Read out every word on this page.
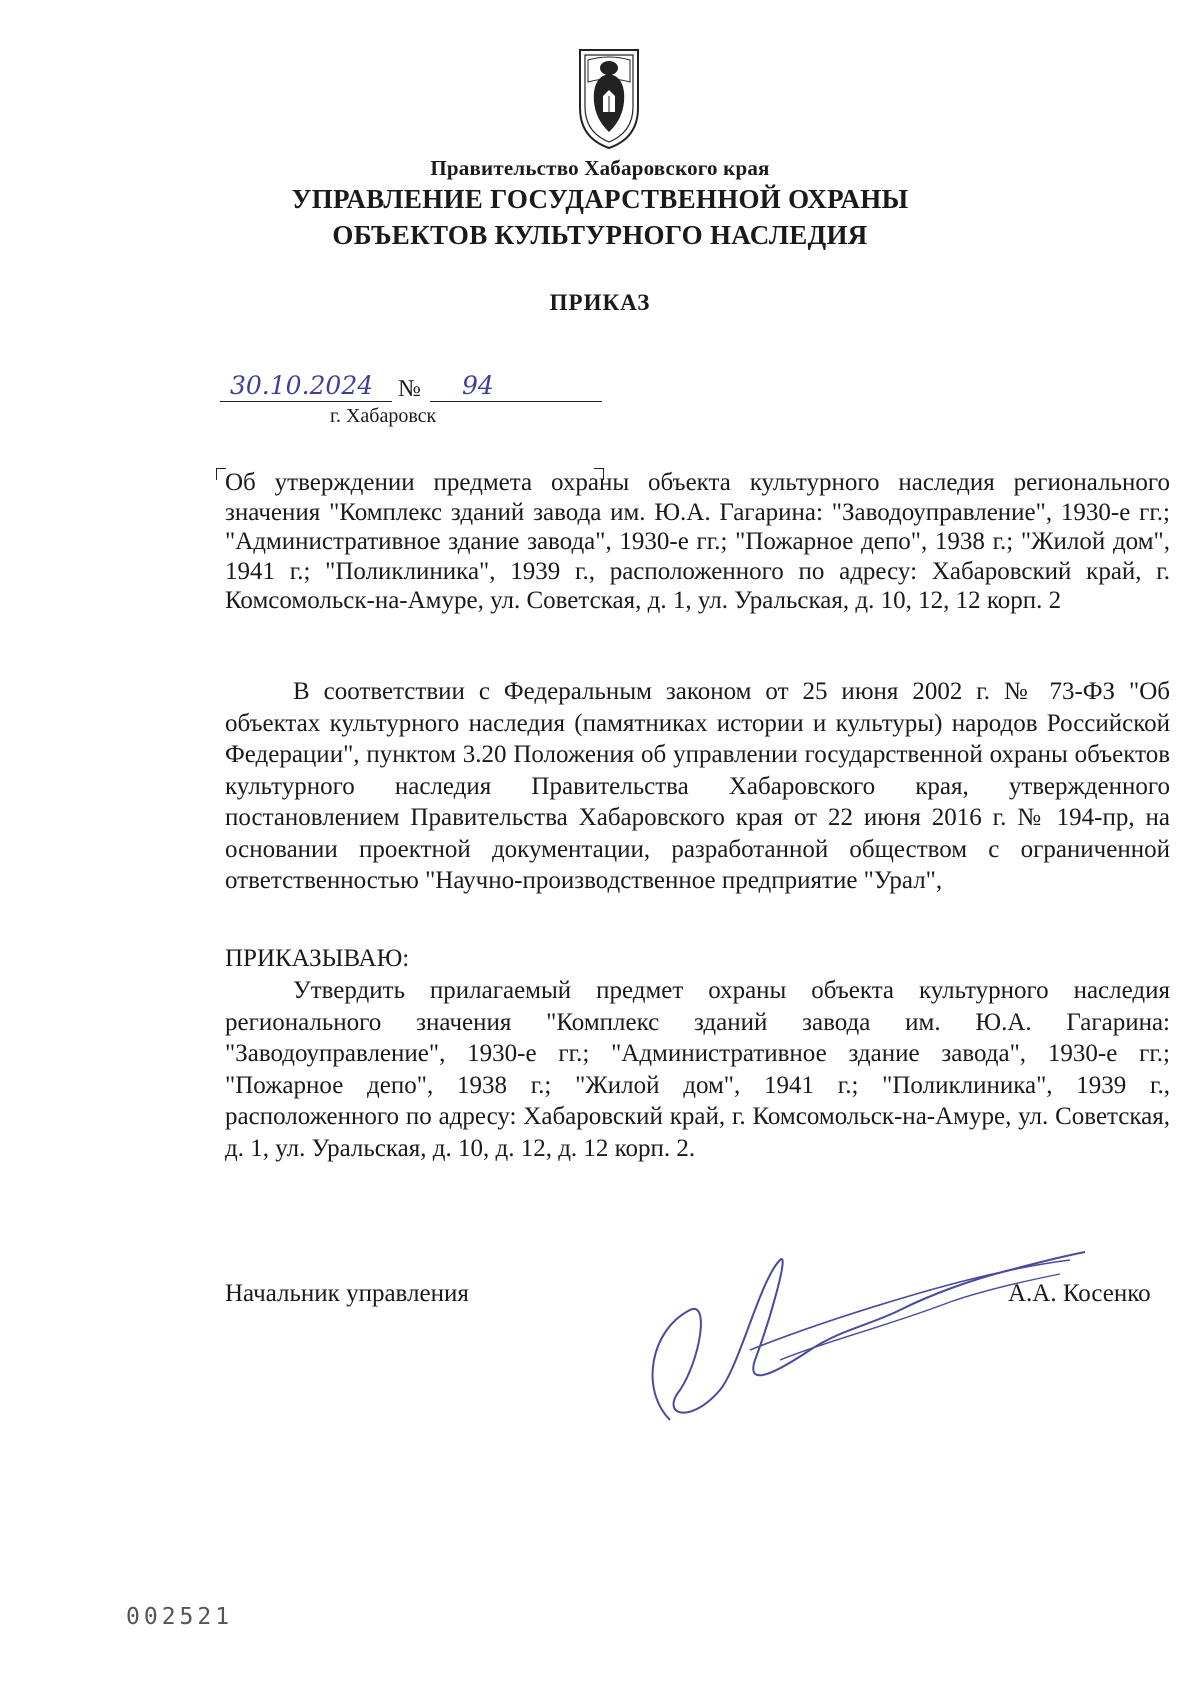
Правительство Хабаровского края
УПРАВЛЕНИЕ ГОСУДАРСТВЕННОЙ ОХРАНЫ
ОБЪЕКТОВ КУЛЬТУРНОГО НАСЛЕДИЯ
ПРИКАЗ
30.10.2024 № 94
г. Хабаровск
Об утверждении предмета охраны объекта культурного наследия регионального значения "Комплекс зданий завода им. Ю.А. Гагарина: "Заводоуправление", 1930-е гг.; "Административное здание завода", 1930-е гг.; "Пожарное депо", 1938 г.; "Жилой дом", 1941 г.; "Поликлиника", 1939 г., расположенного по адресу: Хабаровский край, г. Комсомольск-на-Амуре, ул. Советская, д. 1, ул. Уральская, д. 10, 12, 12 корп. 2
В соответствии с Федеральным законом от 25 июня 2002 г. № 73-ФЗ "Об объектах культурного наследия (памятниках истории и культуры) народов Российской Федерации", пунктом 3.20 Положения об управлении государственной охраны объектов культурного наследия Правительства Хабаровского края, утвержденного постановлением Правительства Хабаровского края от 22 июня 2016 г. № 194-пр, на основании проектной документации, разработанной обществом с ограниченной ответственностью "Научно-производственное предприятие "Урал",
ПРИКАЗЫВАЮ:
Утвердить прилагаемый предмет охраны объекта культурного наследия регионального значения "Комплекс зданий завода им. Ю.А. Гагарина: "Заводоуправление", 1930-е гг.; "Административное здание завода", 1930-е гг.; "Пожарное депо", 1938 г.; "Жилой дом", 1941 г.; "Поликлиника", 1939 г., расположенного по адресу: Хабаровский край, г. Комсомольск-на-Амуре, ул. Советская, д. 1, ул. Уральская, д. 10, д. 12, д. 12 корп. 2.
Начальник управления	А.А. Косенко
002521
